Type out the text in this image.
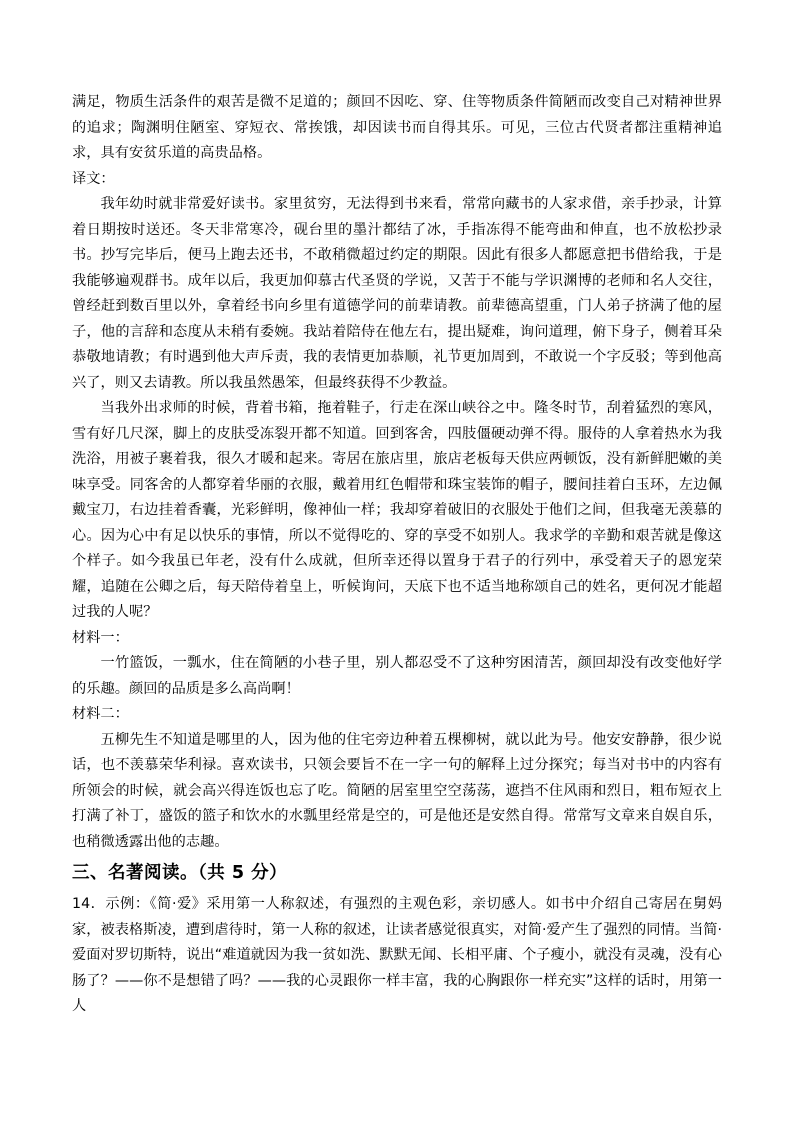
满足，物质生活条件的艰苦是微不足道的；颜回不因吃、穿、住等物质条件简陋而改变自己对精神世界的追求；陶渊明住陋室、穿短衣、常挨饿，却因读书而自得其乐。可见，三位古代贤者都注重精神追求，具有安贫乐道的高贵品格。

译文：

我年幼时就非常爱好读书。家里贫穷，无法得到书来看，常常向藏书的人家求借，亲手抄录，计算着日期按时送还。冬天非常寒冷，砚台里的墨汁都结了冰，手指冻得不能弯曲和伸直，也不放松抄录书。抄写完毕后，便马上跑去还书，不敢稍微超过约定的期限。因此有很多人都愿意把书借给我，于是我能够遍观群书。成年以后，我更加仰慕古代圣贤的学说，又苦于不能与学识渊博的老师和名人交往，曾经赶到数百里以外，拿着经书向乡里有道德学问的前辈请教。前辈德高望重，门人弟子挤满了他的屋子，他的言辞和态度从未稍有委婉。我站着陪侍在他左右，提出疑难，询问道理，俯下身子，侧着耳朵恭敬地请教；有时遇到他大声斥责，我的表情更加恭顺，礼节更加周到，不敢说一个字反驳；等到他高兴了，则又去请教。所以我虽然愚笨，但最终获得不少教益。

当我外出求师的时候，背着书箱，拖着鞋子，行走在深山峡谷之中。隆冬时节，刮着猛烈的寒风，雪有好几尺深，脚上的皮肤受冻裂开都不知道。回到客舍，四肢僵硬动弹不得。服侍的人拿着热水为我洗浴，用被子裹着我，很久才暖和起来。寄居在旅店里，旅店老板每天供应两顿饭，没有新鲜肥嫩的美味享受。同客舍的人都穿着华丽的衣服，戴着用红色帽带和珠宝装饰的帽子，腰间挂着白玉环，左边佩戴宝刀，右边挂着香囊，光彩鲜明，像神仙一样；我却穿着破旧的衣服处于他们之间，但我毫无羡慕的心。因为心中有足以快乐的事情，所以不觉得吃的、穿的享受不如别人。我求学的辛勤和艰苦就是像这个样子。如今我虽已年老，没有什么成就，但所幸还得以置身于君子的行列中，承受着天子的恩宠荣耀，追随在公卿之后，每天陪侍着皇上，听候询问，天底下也不适当地称颂自己的姓名，更何况才能超过我的人呢？

材料一：

一竹篮饭，一瓢水，住在简陋的小巷子里，别人都忍受不了这种穷困清苦，颜回却没有改变他好学的乐趣。颜回的品质是多么高尚啊！

材料二：

五柳先生不知道是哪里的人，因为他的住宅旁边种着五棵柳树，就以此为号。他安安静静，很少说话，也不羡慕荣华利禄。喜欢读书，只领会要旨不在一字一句的解释上过分探究；每当对书中的内容有所领会的时候，就会高兴得连饭也忘了吃。简陋的居室里空空荡荡，遮挡不住风雨和烈日，粗布短衣上打满了补丁，盛饭的篮子和饮水的水瓢里经常是空的，可是他还是安然自得。常常写文章来自娱自乐，也稍微透露出他的志趣。

三、名著阅读。（共 5 分）

14．示例：《简·爱》采用第一人称叙述，有强烈的主观色彩，亲切感人。如书中介绍自己寄居在舅妈家，被表格斯凌，遭到虐待时，第一人称的叙述，让读者感觉很真实，对简·爱产生了强烈的同情。当简·爱面对罗切斯特，说出“难道就因为我一贫如洗、默默无闻、长相平庸、个子瘦小，就没有灵魂，没有心肠了？——你不是想错了吗？——我的心灵跟你一样丰富，我的心胸跟你一样充实”这样的话时，用第一人
